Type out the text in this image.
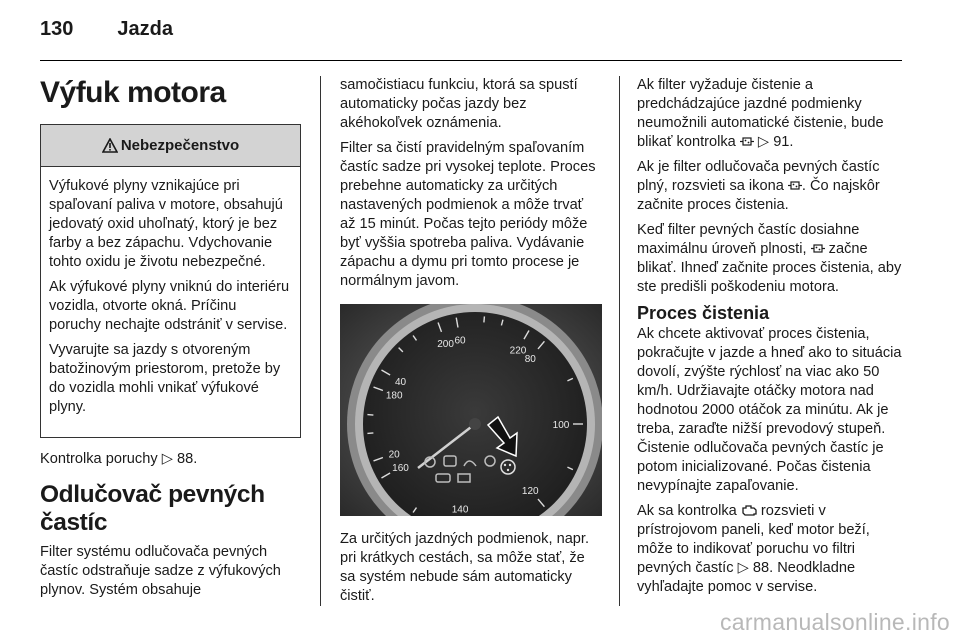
130 Jazda
Výfuk motora
Nebezpečenstvo

Výfukové plyny vznikajúce pri spaľovaní paliva v motore, obsahujú jedovatý oxid uhoľnatý, ktorý je bez farby a bez zápachu. Vdychovanie tohto oxidu je životu nebezpečné.

Ak výfukové plyny vniknú do interiéru vozidla, otvorte okná. Príčinu poruchy nechajte odstrániť v servise.

Vyvarujte sa jazdy s otvoreným batožinovým priestorom, pretože by do vozidla mohli vnikať výfukové plyny.

Kontrolka poruchy ▷ 88.

Odlučovač pevných častíc

Filter systému odlučovača pevných častíc odstraňuje sadze z výfukových plynov. Systém obsahuje

samočistiacu funkciu, ktorá sa spustí automaticky počas jazdy bez akéhokoľvek oznámenia.

Filter sa čistí pravidelným spaľovaním častíc sadze pri vysokej teplote. Proces prebehne automaticky za určitých nastavených podmienok a môže trvať až 15 minút. Počas tejto periódy môže byť vyššia spotreba paliva. Vydávanie zápachu a dymu pri tomto procese je normálnym javom.

20
40
60
80
100
120
140
160
180
200
220

Za určitých jazdných podmienok, napr. pri krátkych cestách, sa môže stať, že sa systém nebude sám automaticky čistiť.

Ak filter vyžaduje čistenie a predchádzajúce jazdné podmienky neumožnili automatické čistenie, bude blikať kontrolka ▷ 91.

Ak je filter odlučovača pevných častíc plný, rozsvieti sa ikona . Čo najskôr začnite proces čistenia.

Keď filter pevných častíc dosiahne maximálnu úroveň plnosti, začne blikať. Ihneď začnite proces čistenia, aby ste predišli poškodeniu motora.

Proces čistenia

Ak chcete aktivovať proces čistenia, pokračujte v jazde a hneď ako to situácia dovolí, zvýšte rýchlosť na viac ako 50 km/h. Udržiavajte otáčky motora nad hodnotou 2000 otáčok za minútu. Ak je treba, zaraďte nižší prevodový stupeň. Čistenie odlučovača pevných častíc je potom inicializované. Počas čistenia nevypínajte zapaľovanie.

Ak sa kontrolka rozsvieti v prístrojovom paneli, keď motor beží, môže to indikovať poruchu vo filtri pevných častíc ▷ 88. Neodkladne vyhľadajte pomoc v servise.

carmanualsonline.info
